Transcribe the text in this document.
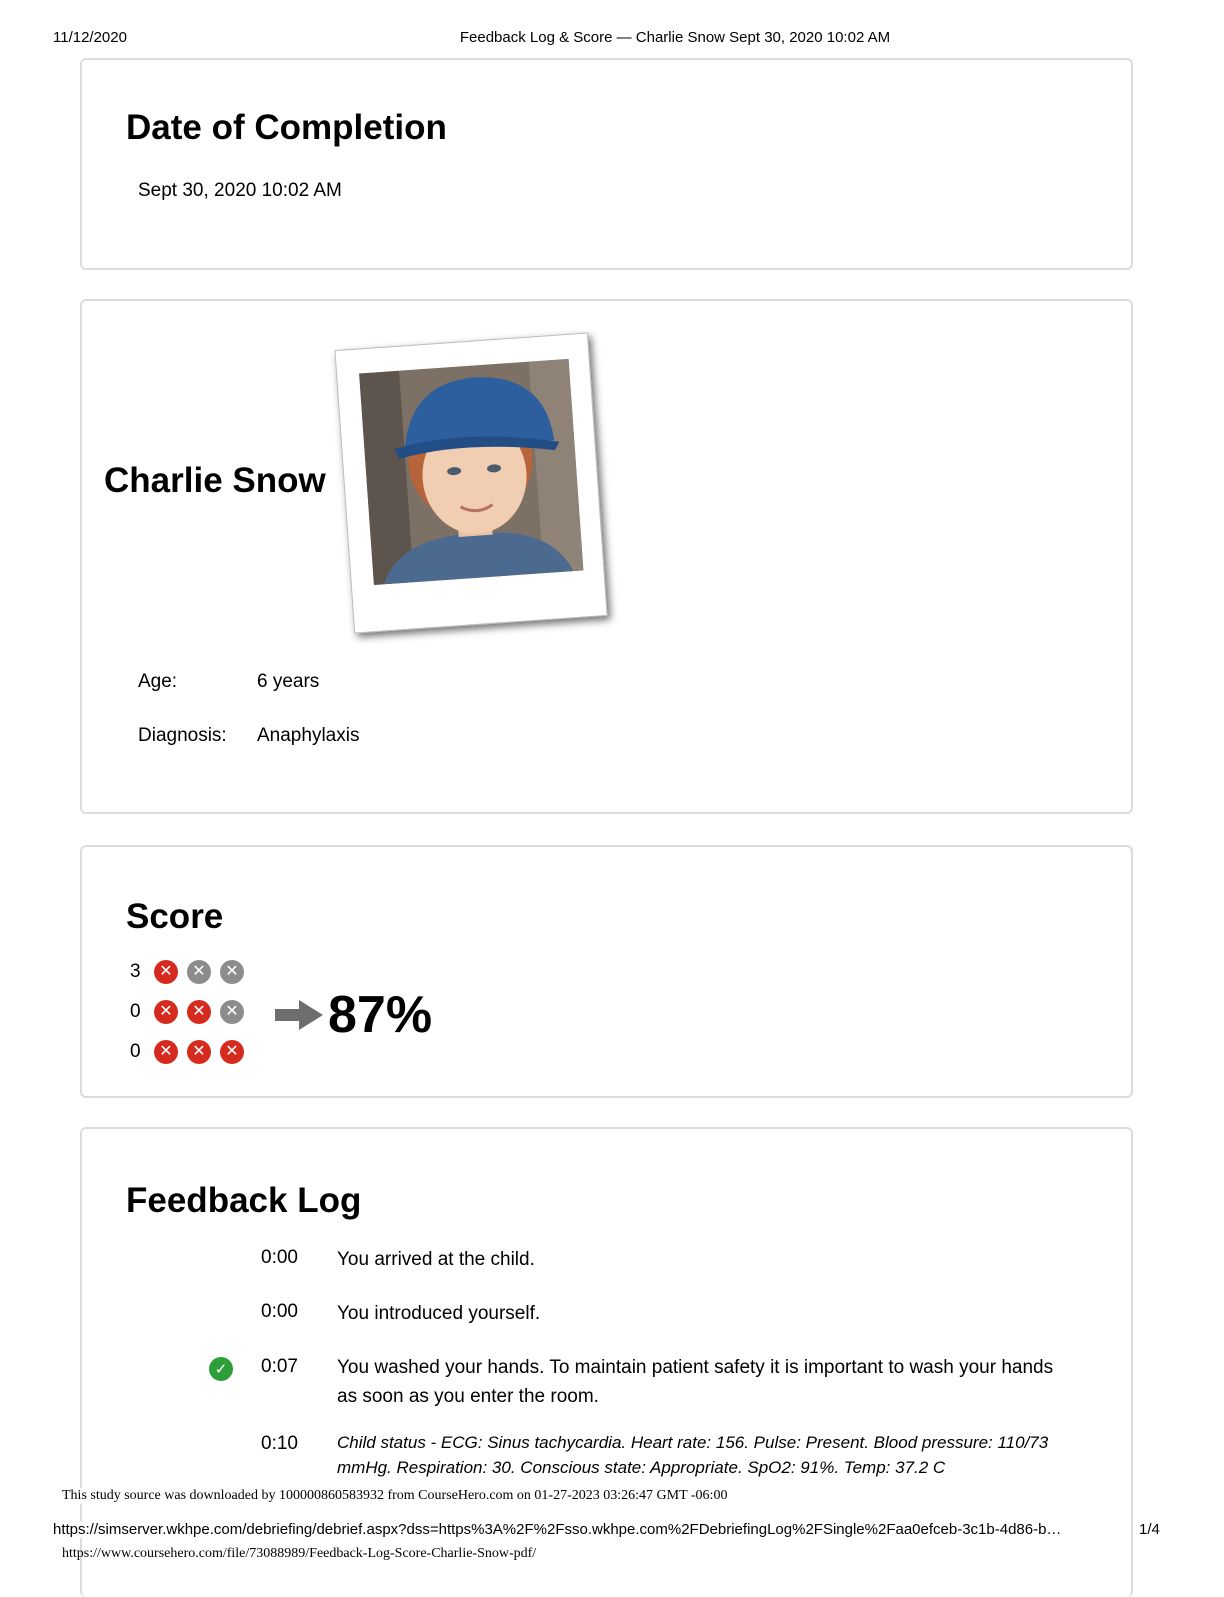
11/12/2020	Feedback Log & Score — Charlie Snow Sept 30, 2020 10:02 AM
Date of Completion
Sept 30, 2020 10:02 AM
Charlie Snow
Age:	6 years
Diagnosis: Anaphylaxis
Score
3	✕	✕	✕
0	✕	✕	✕
0	✕	✕	✕
87%
Feedback Log
0:00 You arrived at the child.
0:00 You introduced yourself.
0:07 You washed your hands. To maintain patient safety it is important to wash your hands as soon as you enter the room.
✓
0:10 Child status - ECG: Sinus tachycardia. Heart rate: 156. Pulse: Present. Blood pressure: 110/73 mmHg. Respiration: 30. Conscious state: Appropriate. SpO2: 91%. Temp: 37.2 C
This study source was downloaded by 100000860583932 from CourseHero.com on 01-27-2023 03:26:47 GMT -06:00
https://simserver.wkhpe.com/debriefing/debrief.aspx?dss=https%3A%2F%2Fsso.wkhpe.com%2FDebriefingLog%2FSingle%2Faa0efceb-3c1b-4d86-b…	1/4
https://www.coursehero.com/file/73088989/Feedback-Log-Score-Charlie-Snow-pdf/
